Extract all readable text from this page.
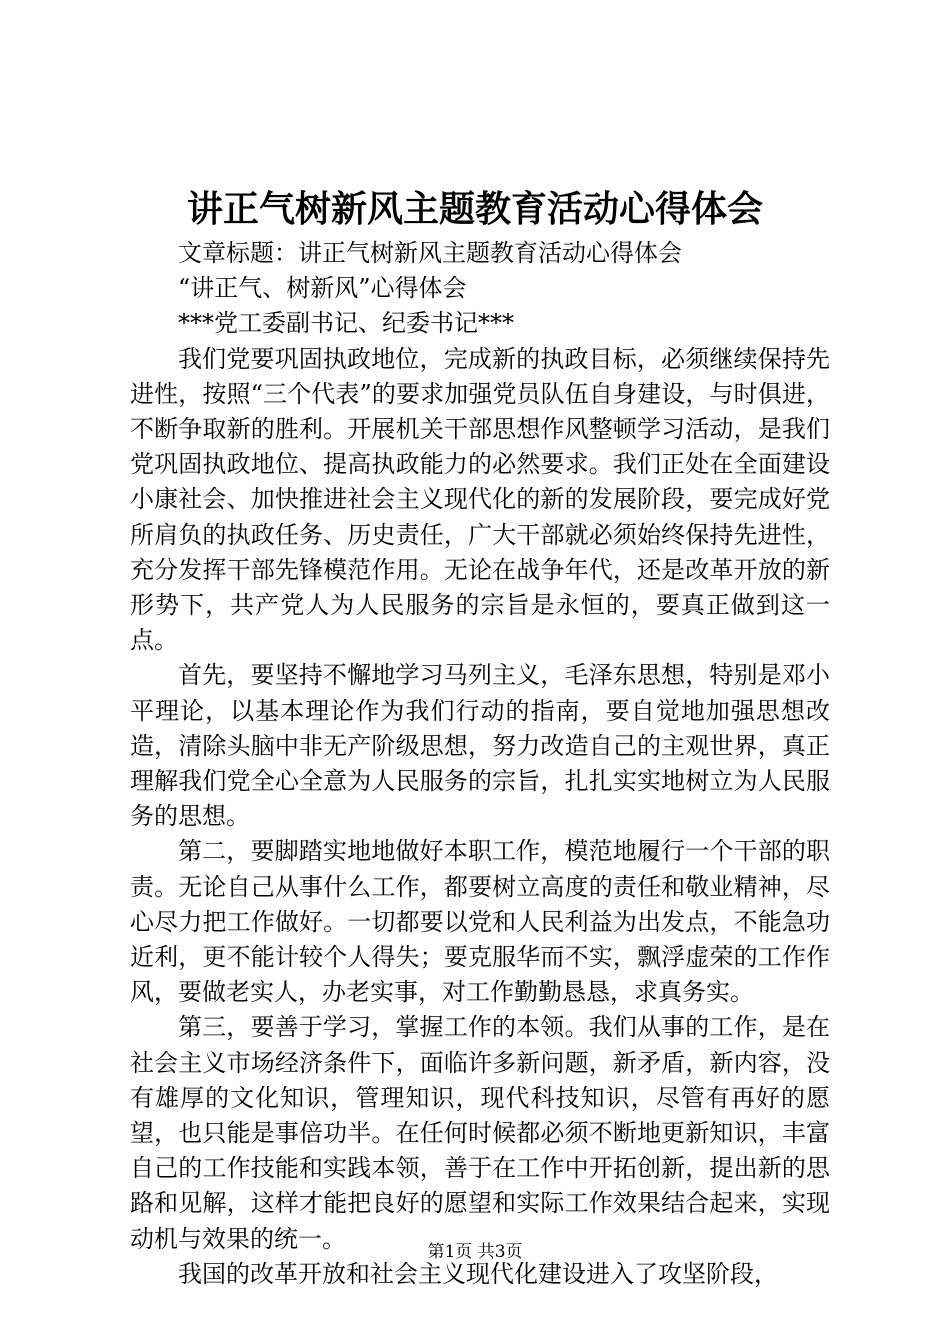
讲正气树新风主题教育活动心得体会

文章标题：讲正气树新风主题教育活动心得体会

“讲正气、树新风”心得体会

***党工委副书记、纪委书记***

我们党要巩固执政地位，完成新的执政目标，必须继续保持先进性，按照“三个代表”的要求加强党员队伍自身建设，与时俱进，不断争取新的胜利。开展机关干部思想作风整顿学习活动，是我们党巩固执政地位、提高执政能力的必然要求。我们正处在全面建设小康社会、加快推进社会主义现代化的新的发展阶段，要完成好党所肩负的执政任务、历史责任，广大干部就必须始终保持先进性，充分发挥干部先锋模范作用。无论在战争年代，还是改革开放的新形势下，共产党人为人民服务的宗旨是永恒的，要真正做到这一点。

首先，要坚持不懈地学习马列主义，毛泽东思想，特别是邓小平理论，以基本理论作为我们行动的指南，要自觉地加强思想改造，清除头脑中非无产阶级思想，努力改造自己的主观世界，真正理解我们党全心全意为人民服务的宗旨，扎扎实实地树立为人民服务的思想。

第二，要脚踏实地地做好本职工作，模范地履行一个干部的职责。无论自己从事什么工作，都要树立高度的责任和敬业精神，尽心尽力把工作做好。一切都要以党和人民利益为出发点，不能急功近利，更不能计较个人得失；要克服华而不实，飘浮虚荣的工作作风，要做老实人，办老实事，对工作勤勤恳恳，求真务实。

第三，要善于学习，掌握工作的本领。我们从事的工作，是在社会主义市场经济条件下，面临许多新问题，新矛盾，新内容，没有雄厚的文化知识，管理知识，现代科技知识，尽管有再好的愿望，也只能是事倍功半。在任何时候都必须不断地更新知识，丰富自己的工作技能和实践本领，善于在工作中开拓创新，提出新的思路和见解，这样才能把良好的愿望和实际工作效果结合起来，实现动机与效果的统一。

我国的改革开放和社会主义现代化建设进入了攻坚阶段，

第1页 共3页
